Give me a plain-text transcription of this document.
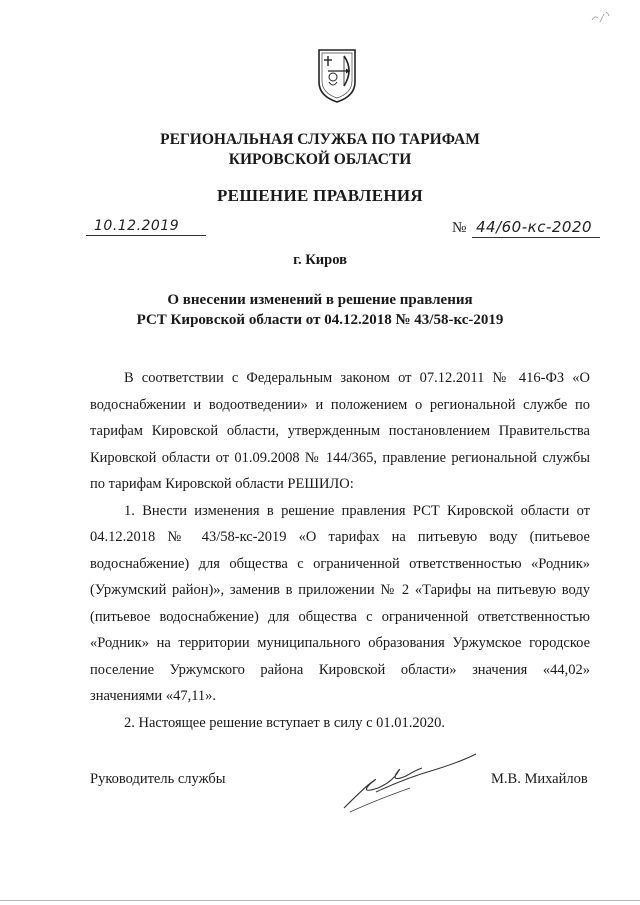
РЕГИОНАЛЬНАЯ СЛУЖБА ПО ТАРИФАМ
КИРОВСКОЙ ОБЛАСТИ
РЕШЕНИЕ ПРАВЛЕНИЯ
10.12.2019	№ 44/60-кс-2020
г. Киров
О внесении изменений в решение правления
РСТ Кировской области от 04.12.2018 № 43/58-кс-2019

В соответствии с Федеральным законом от 07.12.2011 № 416-ФЗ «О водоснабжении и водоотведении» и положением о региональной службе по тарифам Кировской области, утвержденным постановлением Правительства Кировской области от 01.09.2008 № 144/365, правление региональной службы по тарифам Кировской области РЕШИЛО:

1. Внести изменения в решение правления РСТ Кировской области от 04.12.2018 № 43/58-кс-2019 «О тарифах на питьевую воду (питьевое водоснабжение) для общества с ограниченной ответственностью «Родник» (Уржумский район)», заменив в приложении № 2 «Тарифы на питьевую воду (питьевое водоснабжение) для общества с ограниченной ответственностью «Родник» на территории муниципального образования Уржумское городское поселение Уржумского района Кировской области» значения «44,02» значениями «47,11».

2. Настоящее решение вступает в силу с 01.01.2020.

Руководитель службы	М.В. Михайлов
